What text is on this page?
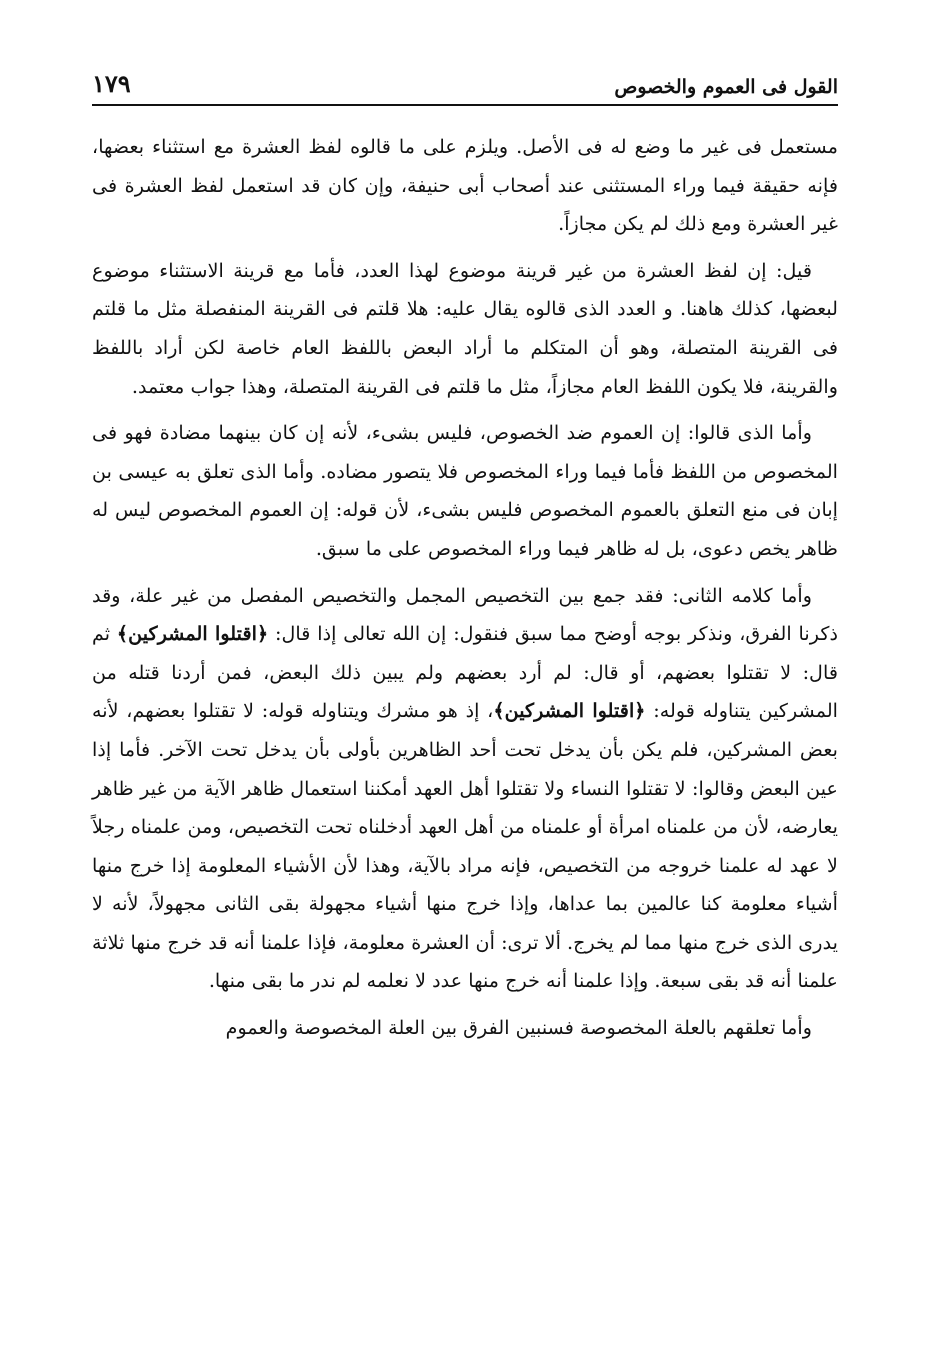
القول فى العموم والخصوص
١٧٩

مستعمل فى غير ما وضع له فى الأصل. ويلزم على ما قالوه لفظ العشرة مع استثناء بعضها، فإنه حقيقة فيما وراء المستثنى عند أصحاب أبى حنيفة، وإن كان قد استعمل لفظ العشرة فى غير العشرة ومع ذلك لم يكن مجازاً.

قيل: إن لفظ العشرة من غير قرينة موضوع لهذا العدد، فأما مع قرينة الاستثناء موضوع لبعضها، كذلك هاهنا. و العدد الذى قالوه يقال عليه: هلا قلتم فى القرينة المنفصلة مثل ما قلتم فى القرينة المتصلة، وهو أن المتكلم ما أراد البعض باللفظ العام خاصة لكن أراد باللفظ والقرينة، فلا يكون اللفظ العام مجازاً، مثل ما قلتم فى القرينة المتصلة، وهذا جواب معتمد.

وأما الذى قالوا: إن العموم ضد الخصوص، فليس بشىء، لأنه إن كان بينهما مضادة فهو فى المخصوص من اللفظ فأما فيما وراء المخصوص فلا يتصور مضاده. وأما الذى تعلق به عيسى بن إبان فى منع التعلق بالعموم المخصوص فليس بشىء، لأن قوله: إن العموم المخصوص ليس له ظاهر يخص دعوى، بل له ظاهر فيما وراء المخصوص على ما سبق.

وأما كلامه الثانى: فقد جمع بين التخصيص المجمل والتخصيص المفصل من غير علة، وقد ذكرنا الفرق، ونذكر بوجه أوضح مما سبق فنقول: إن الله تعالى إذا قال: ﴿اقتلوا المشركين﴾ ثم قال: لا تقتلوا بعضهم، أو قال: لم أرد بعضهم ولم يبين ذلك البعض، فمن أردنا قتله من المشركين يتناوله قوله: ﴿اقتلوا المشركين﴾، إذ هو مشرك ويتناوله قوله: لا تقتلوا بعضهم، لأنه بعض المشركين، فلم يكن بأن يدخل تحت أحد الظاهرين بأولى بأن يدخل تحت الآخر. فأما إذا عين البعض وقالوا: لا تقتلوا النساء ولا تقتلوا أهل العهد أمكننا استعمال ظاهر الآية من غير ظاهر يعارضه، لأن من علمناه امرأة أو علمناه من أهل العهد أدخلناه تحت التخصيص، ومن علمناه رجلاً لا عهد له علمنا خروجه من التخصيص، فإنه مراد بالآية، وهذا لأن الأشياء المعلومة إذا خرج منها أشياء معلومة كنا عالمين بما عداها، وإذا خرج منها أشياء مجهولة بقى الثانى مجهولاً، لأنه لا يدرى الذى خرج منها مما لم يخرج. ألا ترى: أن العشرة معلومة، فإذا علمنا أنه قد خرج منها ثلاثة علمنا أنه قد بقى سبعة. وإذا علمنا أنه خرج منها عدد لا نعلمه لم ندر ما بقى منها.

وأما تعلقهم بالعلة المخصوصة فسنبين الفرق بين العلة المخصوصة والعموم
